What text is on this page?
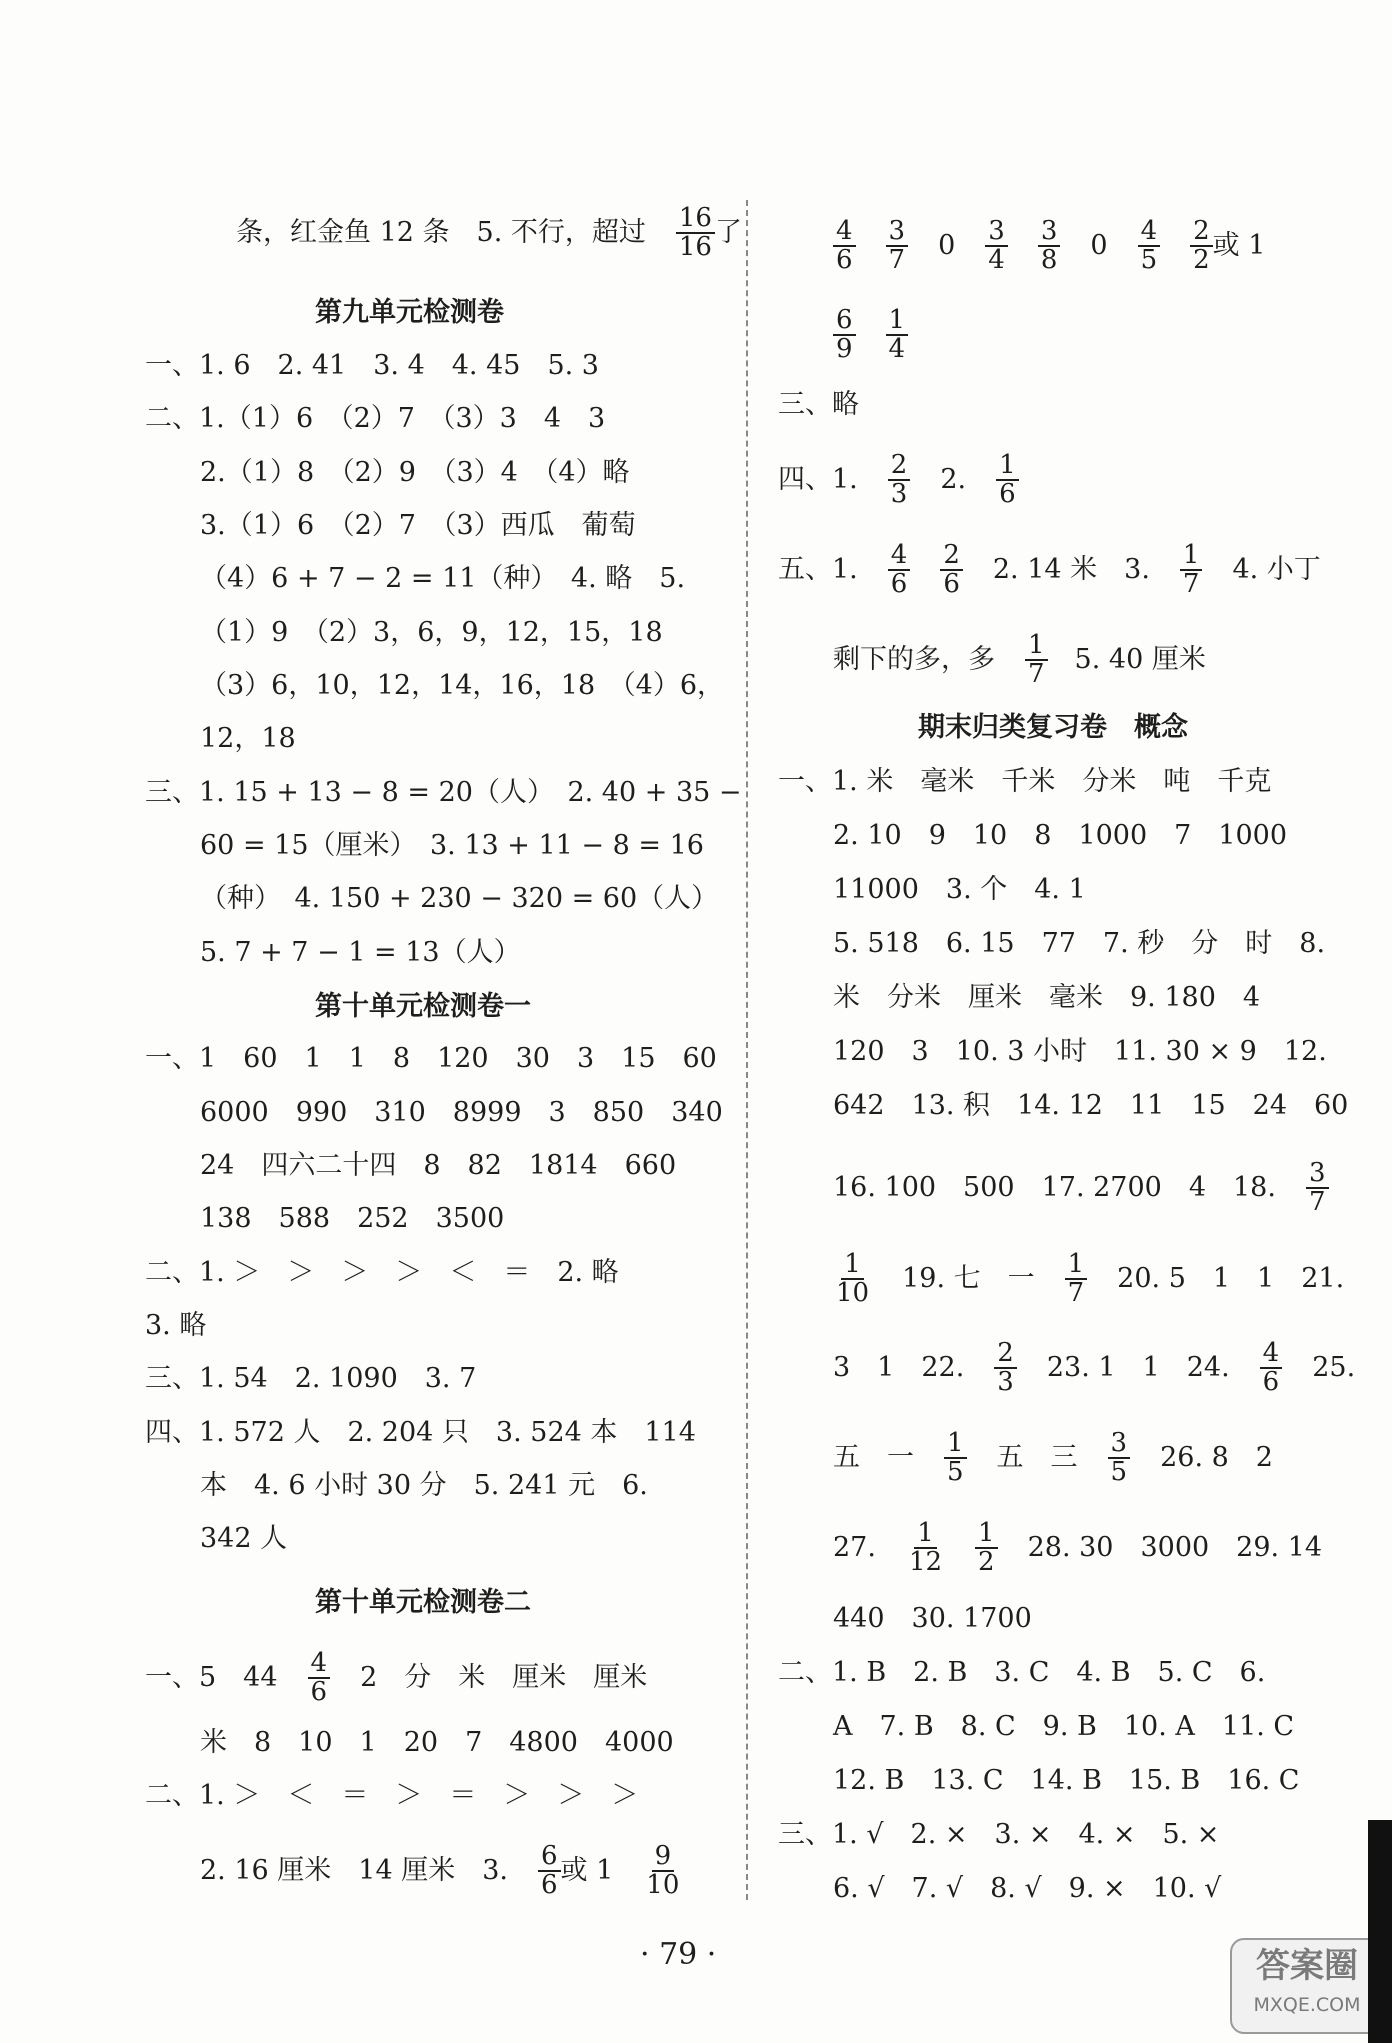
条，红金鱼 12 条　5. 不行，超过 $\frac{16}{16}$ 了
第九单元检测卷
一、1. 6　2. 41　3. 4　4. 45　5. 3
二、1.（1）6　（2）7　（3）3　4　3
2.（1）8　（2）9　（3）4　（4）略
3.（1）6　（2）7　（3）西瓜　葡萄
（4）6 + 7 − 2 = 11（种）　4. 略　5.
（1）9　（2）3，6，9，12，15，18
（3）6，10，12，14，16，18　（4）6，
12，18
三、1. 15 + 13 − 8 = 20（人）　2. 40 + 35 −
60 = 15（厘米）　3. 13 + 11 − 8 = 16
（种）　4. 150 + 230 − 320 = 60（人）
5. 7 + 7 − 1 = 13（人）
第十单元检测卷一
一、1　60　1　1　8　120　30　3　15　60
6000　990　310　8999　3　850　340
24　四六二十四　8　82　1814　660
138　588　252　3500
二、1. ＞　＞　＞　＞　＜　＝　2. 略
3. 略
三、1. 54　2. 1090　3. 7
四、1. 572 人　2. 204 只　3. 524 本　114
本　4. 6 小时 30 分　5. 241 元　6.
342 人
第十单元检测卷二
一、5　$44 \frac{4}{6} 2$　分　米　厘米　厘米
米　8　10　1　20　7　4800　4000
二、1. ＞　＜　＝　＞　＝　＞　＞　＞
2. 16 厘米　14 厘米　3. $\frac{6}{6}$ 或 $1 \frac{9}{10}$
$\frac{4}{6} \frac{3}{7} 0 \frac{3}{4} \frac{3}{8} 0 \frac{4}{5} \frac{2}{2}$ 或 1
$\frac{6}{9} \frac{1}{4}$
三、略
四、1. $\frac{2}{3} 2$. $\frac{1}{6}$
五、1. $\frac{4}{6} \frac{2}{6} 2$. 14 米　3. $\frac{1}{7} 4$. 小丁
剩下的多，多 $\frac{1}{7}$ 　5. 40 厘米
期末归类复习卷　概念
一、1. 米　毫米　千米　分米　吨　千克
2. 10　9　10　8　1000　7　1000
11000　3. 个　4. 1
5. 518　6. 15　77　7. 秒　分　时　8.
米　分米　厘米　毫米　9. 180　4
120　3　10. 3 小时　11. 30 × 9　12.
642　13. 积　14. 12　11　15　24　60
16. 100　500　17. 2700　4　18. $\frac{3}{7}$
$\frac{1}{10} 19$. 七　一 $\frac{1}{7} 20$. 5　1　1　21.
3　1　22. $\frac{2}{3} 23$. 1　1　24. $\frac{4}{6} 25$.
五　一 $\frac{1}{5}$ 五　三 $\frac{3}{5} 26$. 8　2
27. $\frac{1}{12} \frac{1}{2} 28$. 30　3000　29. 14
440　30. 1700
二、1. B　2. B　3. C　4. B　5. C　6.
A　7. B　8. C　9. B　10. A　11. C
12. B　13. C　14. B　15. B　16. C
三、1. √　2. ×　3. ×　4. ×　5. ×
6. √　7. √　8. √　9. ×　10. √
· 79 ·	答案圈
MXQE.COM
